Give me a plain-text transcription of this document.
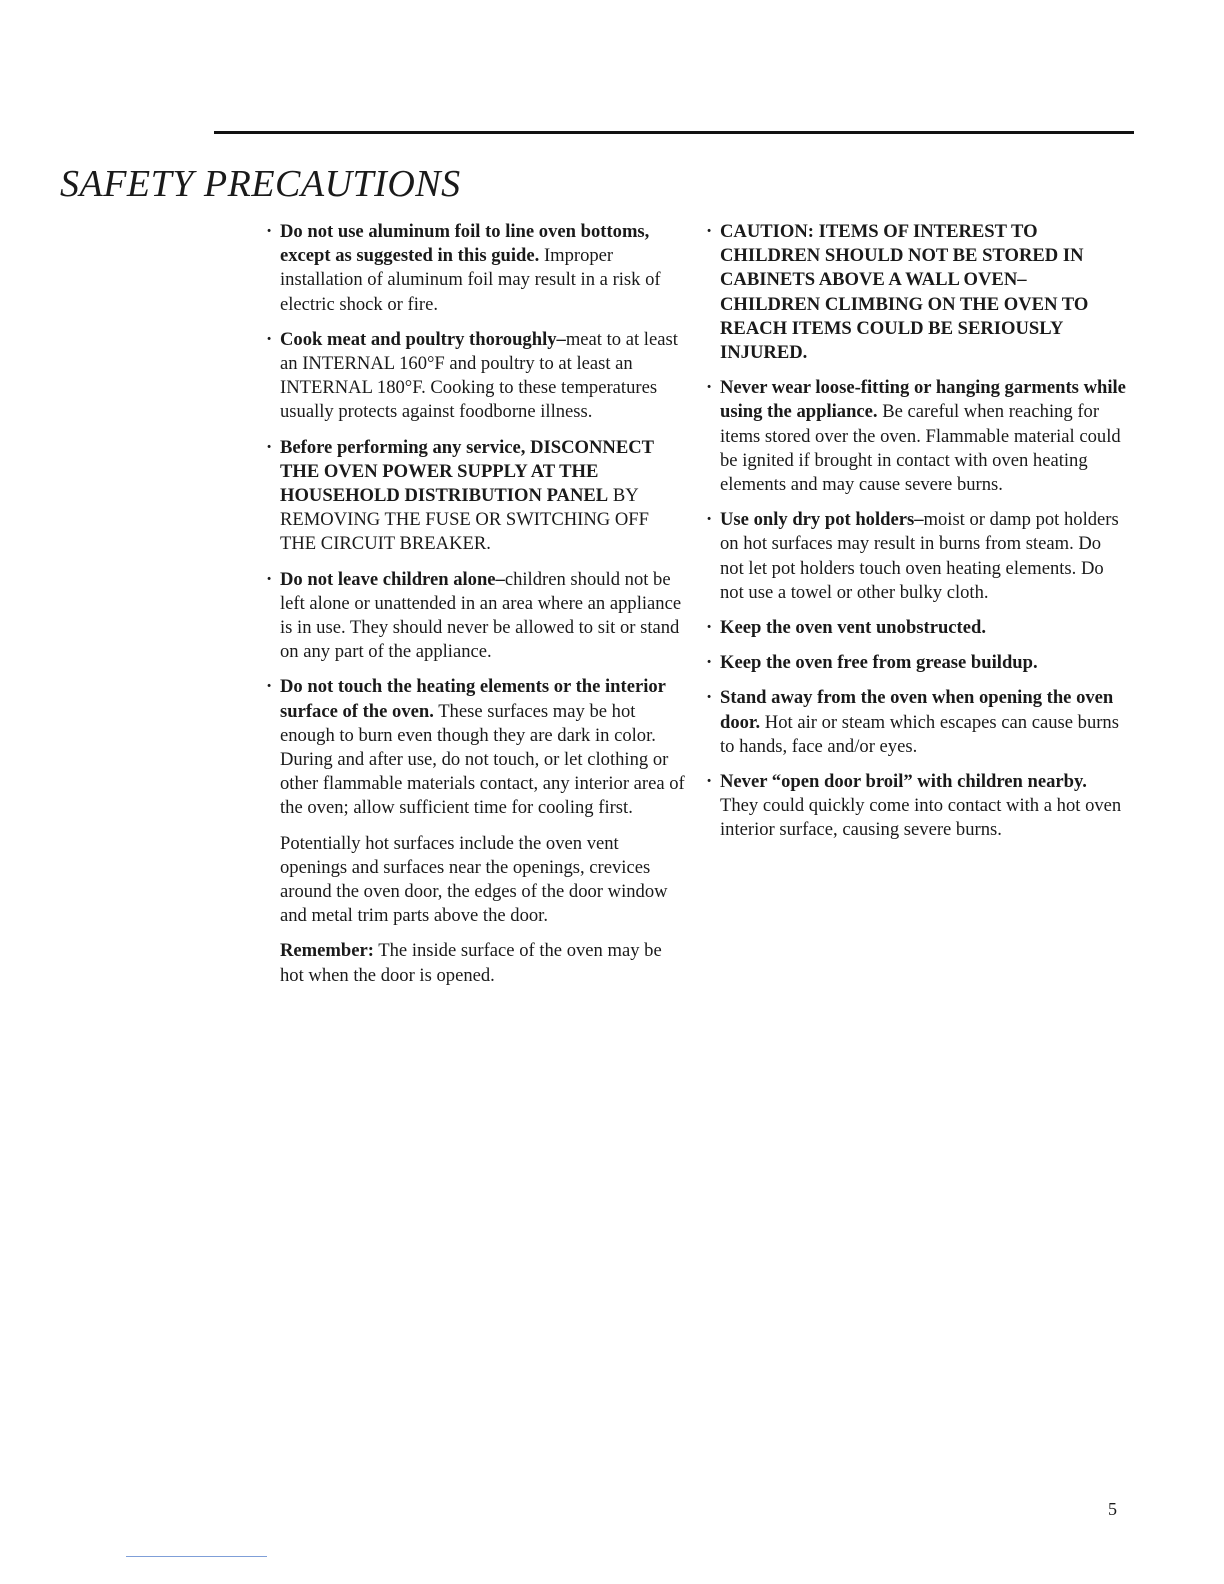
SAFETY PRECAUTIONS
· Do not use aluminum foil to line oven bottoms, except as suggested in this guide. Improper installation of aluminum foil may result in a risk of electric shock or fire.
· Cook meat and poultry thoroughly–meat to at least an INTERNAL 160°F and poultry to at least an INTERNAL 180°F. Cooking to these temperatures usually protects against foodborne illness.
· Before performing any service, DISCONNECT THE OVEN POWER SUPPLY AT THE HOUSEHOLD DISTRIBUTION PANEL BY REMOVING THE FUSE OR SWITCHING OFF THE CIRCUIT BREAKER.
· Do not leave children alone–children should not be left alone or unattended in an area where an appliance is in use. They should never be allowed to sit or stand on any part of the appliance.
· Do not touch the heating elements or the interior surface of the oven. These surfaces may be hot enough to burn even though they are dark in color. During and after use, do not touch, or let clothing or other flammable materials contact, any interior area of the oven; allow sufficient time for cooling first.

Potentially hot surfaces include the oven vent openings and surfaces near the openings, crevices around the oven door, the edges of the door window and metal trim parts above the door.

Remember: The inside surface of the oven may be hot when the door is opened.

· CAUTION: ITEMS OF INTEREST TO CHILDREN SHOULD NOT BE STORED IN CABINETS ABOVE A WALL OVEN– CHILDREN CLIMBING ON THE OVEN TO REACH ITEMS COULD BE SERIOUSLY INJURED.
· Never wear loose-fitting or hanging garments while using the appliance. Be careful when reaching for items stored over the oven. Flammable material could be ignited if brought in contact with oven heating elements and may cause severe burns.
· Use only dry pot holders–moist or damp pot holders on hot surfaces may result in burns from steam. Do not let pot holders touch oven heating elements. Do not use a towel or other bulky cloth.
· Keep the oven vent unobstructed.
· Keep the oven free from grease buildup.
· Stand away from the oven when opening the oven door. Hot air or steam which escapes can cause burns to hands, face and/or eyes.
· Never “open door broil” with children nearby. They could quickly come into contact with a hot oven interior surface, causing severe burns.
5
